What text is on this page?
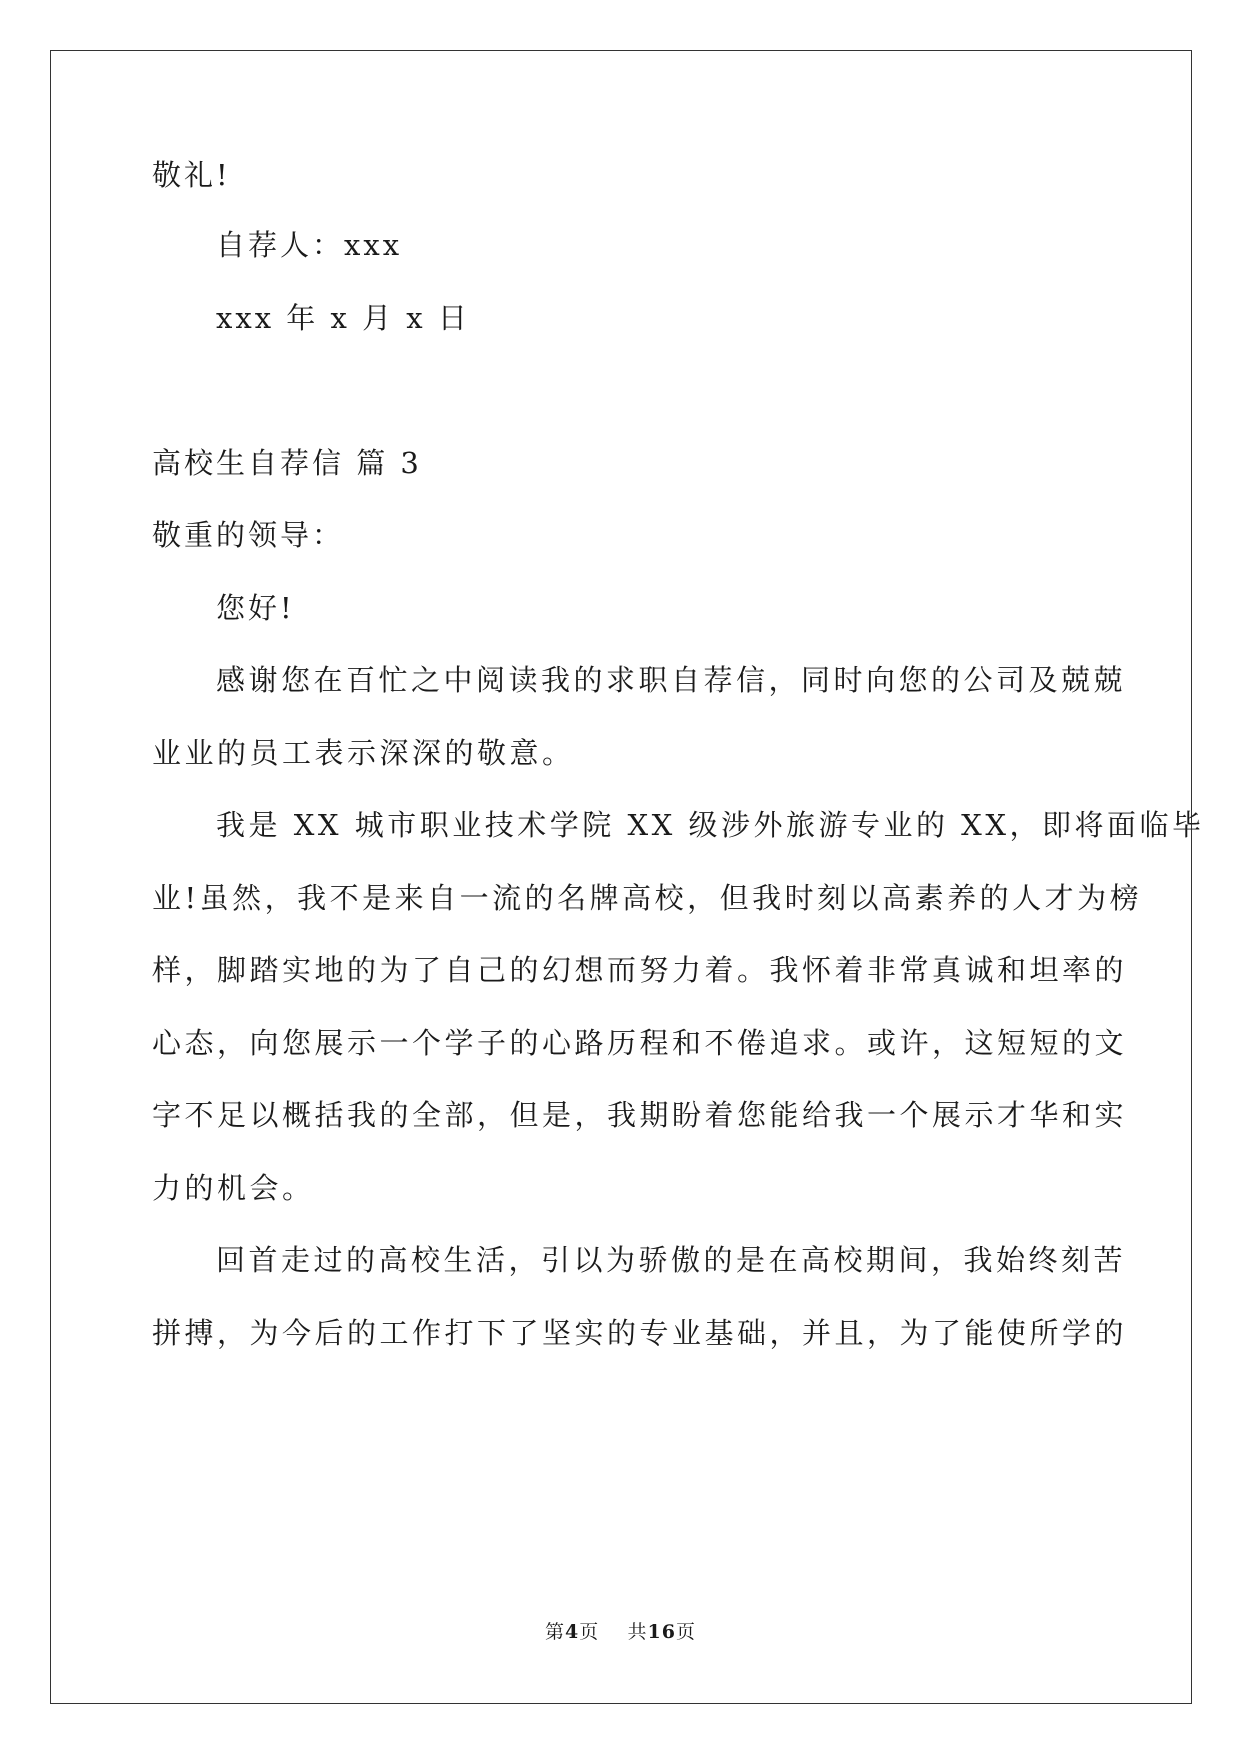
敬礼!
自荐人：xxx
xxx 年 x 月 x 日
高校生自荐信 篇 3
敬重的领导：
您好!
感谢您在百忙之中阅读我的求职自荐信，同时向您的公司及兢兢
业业的员工表示深深的敬意。
我是 XX 城市职业技术学院 XX 级涉外旅游专业的 XX，即将面临毕
业!虽然，我不是来自一流的名牌高校，但我时刻以高素养的人才为榜
样，脚踏实地的为了自己的幻想而努力着。我怀着非常真诚和坦率的
心态，向您展示一个学子的心路历程和不倦追求。或许，这短短的文
字不足以概括我的全部，但是，我期盼着您能给我一个展示才华和实
力的机会。
回首走过的高校生活，引以为骄傲的是在高校期间，我始终刻苦
拼搏，为今后的工作打下了坚实的专业基础，并且，为了能使所学的
第4页 共16页
